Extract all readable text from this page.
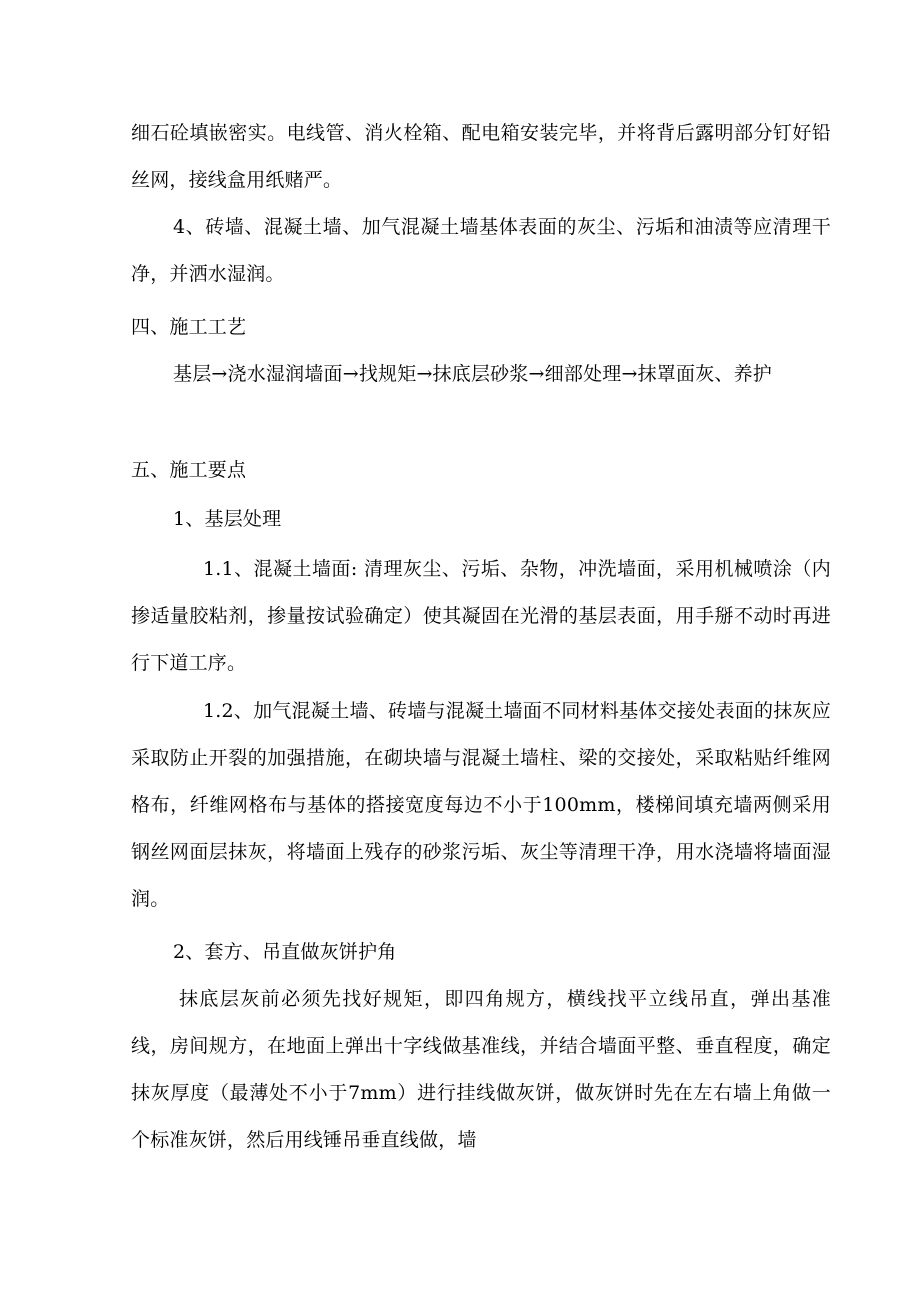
细石砼填嵌密实。电线管、消火栓箱、配电箱安装完毕，并将背后露明部分钉好铅丝网，接线盒用纸赌严。

4、砖墙、混凝土墙、加气混凝土墙基体表面的灰尘、污垢和油渍等应清理干净，并洒水湿润。

四、施工工艺

基层→浇水湿润墙面→找规矩→抹底层砂浆→细部处理→抹罩面灰、养护

五、施工要点

1、基层处理

1.1、混凝土墙面: 清理灰尘、污垢、杂物，冲洗墙面，采用机械喷涂（内掺适量胶粘剂，掺量按试验确定）使其凝固在光滑的基层表面，用手掰不动时再进行下道工序。

1.2、加气混凝土墙、砖墙与混凝土墙面不同材料基体交接处表面的抹灰应采取防止开裂的加强措施，在砌块墙与混凝土墙柱、梁的交接处，采取粘贴纤维网格布，纤维网格布与基体的搭接宽度每边不小于100mm，楼梯间填充墙两侧采用钢丝网面层抹灰，将墙面上残存的砂浆污垢、灰尘等清理干净，用水浇墙将墙面湿润。

2、套方、吊直做灰饼护角

抹底层灰前必须先找好规矩，即四角规方，横线找平立线吊直，弹出基准线，房间规方，在地面上弹出十字线做基准线，并结合墙面平整、垂直程度，确定抹灰厚度（最薄处不小于7mm）进行挂线做灰饼，做灰饼时先在左右墙上角做一个标准灰饼，然后用线锤吊垂直线做，墙
